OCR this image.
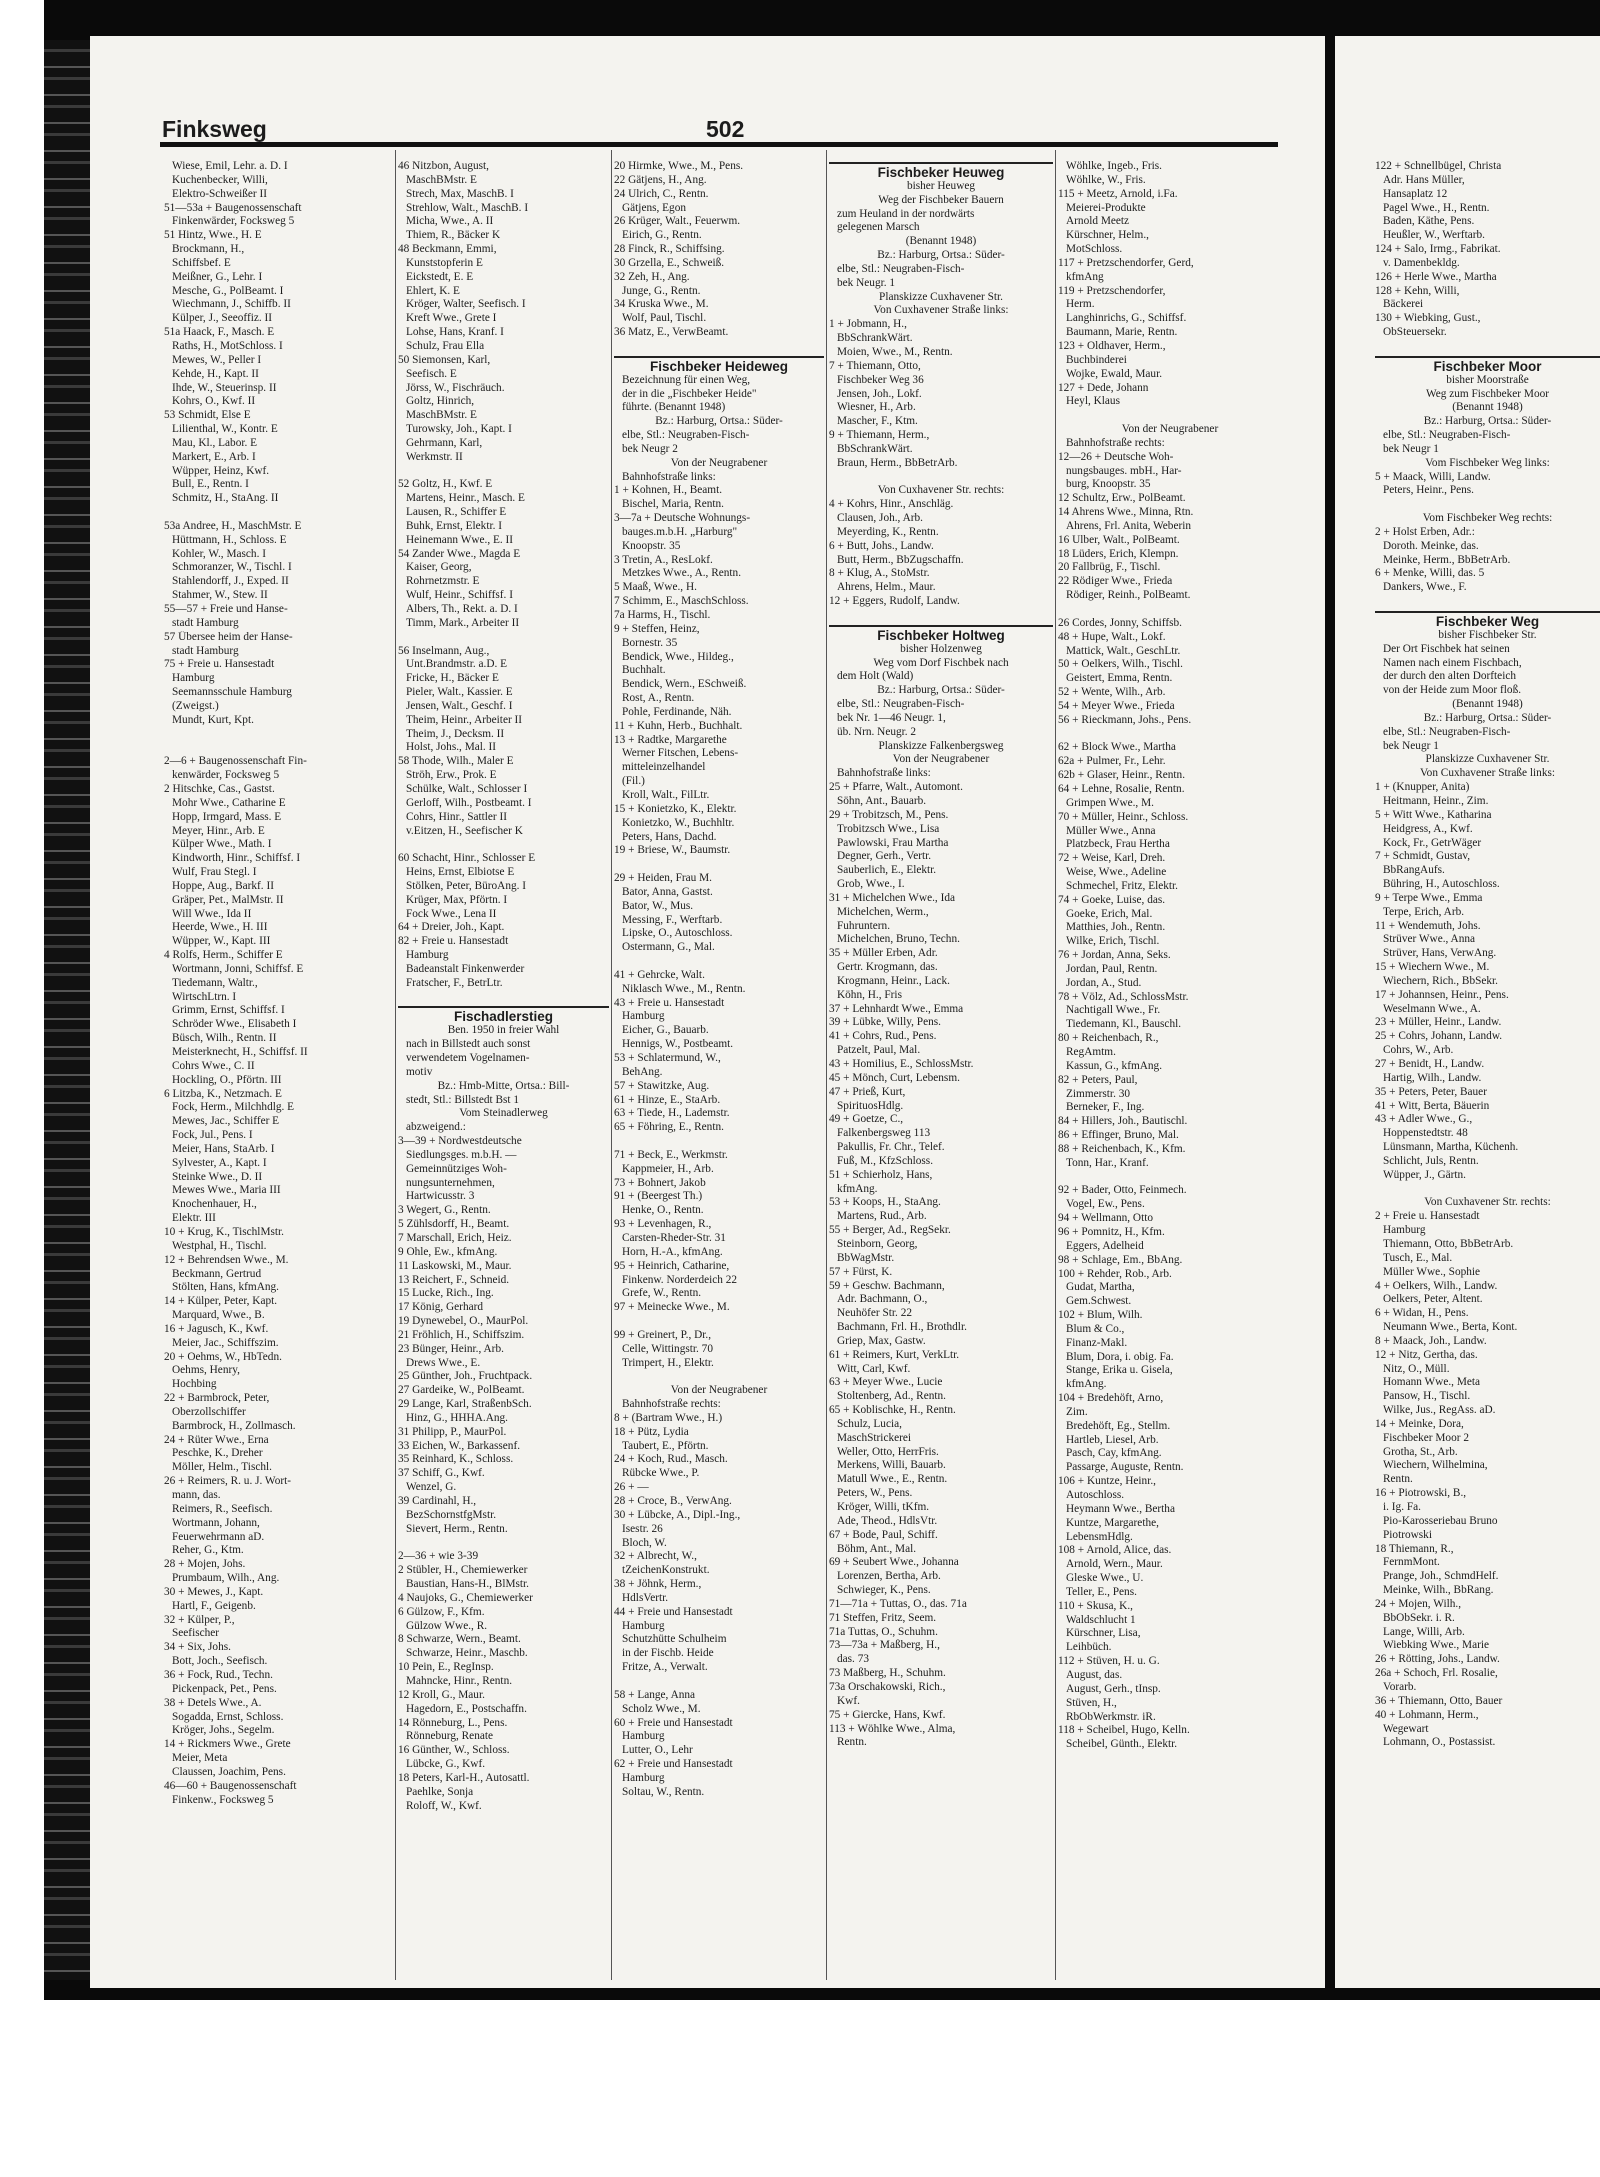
Finksweg	502
Wiese, Emil, Lehr. a. D. I
Kuchenbecker, Willi,
Elektro-Schweißer II
51—53a + Baugenossenschaft
Finkenwärder, Focksweg 5
51 Hintz, Wwe., H. E
Brockmann, H.,
Schiffsbef. E
Meißner, G., Lehr. I
Mesche, G., PolBeamt. I
Wiechmann, J., Schiffb. II
Külper, J., Seeoffiz. II
51a Haack, F., Masch. E
Raths, H., MotSchloss. I
Mewes, W., Peller I
Kehde, H., Kapt. II
Ihde, W., Steuerinsp. II
Kohrs, O., Kwf. II
53 Schmidt, Else E
Lilienthal, W., Kontr. E
Mau, Kl., Labor. E
Markert, E., Arb. I
Wüpper, Heinz, Kwf.
Bull, E., Rentn. I
Schmitz, H., StaAng. II

53a Andree, H., MaschMstr. E
Hüttmann, H., Schloss. E
Kohler, W., Masch. I
Schmoranzer, W., Tischl. I
Stahlendorff, J., Exped. II
Stahmer, W., Stew. II
55—57 + Freie und Hanse-
stadt Hamburg
57 Übersee heim der Hanse-
stadt Hamburg
75 + Freie u. Hansestadt
Hamburg
Seemannsschule Hamburg
(Zweigst.)
Mundt, Kurt, Kpt.

2—6 + Baugenossenschaft Fin-
kenwärder, Focksweg 5
2 Hitschke, Cas., Gastst.
Mohr Wwe., Catharine E
Hopp, Irmgard, Mass. E
Meyer, Hinr., Arb. E
Külper Wwe., Math. I
Kindworth, Hinr., Schiffsf. I
Wulf, Frau Stegl. I
Hoppe, Aug., Barkf. II
Gräper, Pet., MalMstr. II
Will Wwe., Ida II
Heerde, Wwe., H. III
Wüpper, W., Kapt. III
4 Rolfs, Herm., Schiffer E
Wortmann, Jonni, Schiffsf. E
Tiedemann, Waltr.,
WirtschLtrn. I
Grimm, Ernst, Schiffsf. I
Schröder Wwe., Elisabeth I
Büsch, Wilh., Rentn. II
Meisterknecht, H., Schiffsf. II
Cohrs Wwe., C. II
Hockling, O., Pförtn. III
6 Litzba, K., Netzmach. E
Fock, Herm., Milchhdlg. E
Mewes, Jac., Schiffer E
Fock, Jul., Pens. I
Meier, Hans, StaArb. I
Sylvester, A., Kapt. I
Steinke Wwe., D. II
Mewes Wwe., Maria III
Knochenhauer, H.,
Elektr. III
10 + Krug, K., TischlMstr.
Westphal, H., Tischl.
12 + Behrendsen Wwe., M.
Beckmann, Gertrud
Stölten, Hans, kfmAng.
14 + Külper, Peter, Kapt.
Marquard, Wwe., B.
16 + Jagusch, K., Kwf.
Meier, Jac., Schiffszim.
20 + Oehms, W., HbTedn.
Oehms, Henry,
Hochbing
22 + Barmbrock, Peter,
Oberzollschiffer
Barmbrock, H., Zollmasch.
24 + Rüter Wwe., Erna
Peschke, K., Dreher
Möller, Helm., Tischl.
26 + Reimers, R. u. J. Wort-
mann, das.
Reimers, R., Seefisch.
Wortmann, Johann,
Feuerwehrmann aD.
Reher, G., Ktm.
28 + Mojen, Johs.
Prumbaum, Wilh., Ang.
30 + Mewes, J., Kapt.
Hartl, F., Geigenb.
32 + Külper, P.,
Seefischer
34 + Six, Johs.
Bott, Joch., Seefisch.
36 + Fock, Rud., Techn.
Pickenpack, Pet., Pens.
38 + Detels Wwe., A.
Sogadda, Ernst, Schloss.
Kröger, Johs., Segelm.
14 + Rickmers Wwe., Grete
Meier, Meta
Claussen, Joachim, Pens.
46—60 + Baugenossenschaft
Finkenw., Focksweg 5
46 Nitzbon, August,
MaschBMstr. E
Strech, Max, MaschB. I
Strehlow, Walt., MaschB. I
Micha, Wwe., A. II
Thiem, R., Bäcker K
48 Beckmann, Emmi,
Kunststopferin E
Eickstedt, E. E
Ehlert, K. E
Kröger, Walter, Seefisch. I
Kreft Wwe., Grete I
Lohse, Hans, Kranf. I
Schulz, Frau Ella
50 Siemonsen, Karl,
Seefisch. E
Jörss, W., Fischräuch.
Goltz, Hinrich,
MaschBMstr. E
Turowsky, Joh., Kapt. I
Gehrmann, Karl,
Werkmstr. II

52 Goltz, H., Kwf. E
Martens, Heinr., Masch. E
Lausen, R., Schiffer E
Buhk, Ernst, Elektr. I
Heinemann Wwe., E. II
54 Zander Wwe., Magda E
Kaiser, Georg,
Rohrnetzmstr. E
Wulf, Heinr., Schiffsf. I
Albers, Th., Rekt. a. D. I
Timm, Mark., Arbeiter II

56 Inselmann, Aug.,
Unt.Brandmstr. a.D. E
Fricke, H., Bäcker E
Pieler, Walt., Kassier. E
Jensen, Walt., Geschf. I
Theim, Heinr., Arbeiter II
Theim, J., Decksm. II
Holst, Johs., Mal. II
58 Thode, Wilh., Maler E
Ströh, Erw., Prok. E
Schülke, Walt., Schlosser I
Gerloff, Wilh., Postbeamt. I
Cohrs, Hinr., Sattler II
v.Eitzen, H., Seefischer K

60 Schacht, Hinr., Schlosser E
Heins, Ernst, Elbiotse E
Stölken, Peter, BüroAng. I
Krüger, Max, Pförtn. I
Fock Wwe., Lena II
64 + Dreier, Joh., Kapt.
82 + Freie u. Hansestadt
Hamburg
Badeanstalt Finkenwerder
Fratscher, F., BetrLtr.

Fischadlerstieg
Ben. 1950 in freier Wahl
nach in Billstedt auch sonst
verwendetem Vogelnamen-
motiv
Bz.: Hmb-Mitte, Ortsa.: Bill-
stedt, Stl.: Billstedt Bst 1
Vom Steinadlerweg
abzweigend.:
3—39 + Nordwestdeutsche
Siedlungsges. m.b.H. —
Gemeinnütziges Woh-
nungsunternehmen,
Hartwicusstr. 3
3 Wegert, G., Rentn.
5 Zühlsdorff, H., Beamt.
7 Marschall, Erich, Heiz.
9 Ohle, Ew., kfmAng.
11 Laskowski, M., Maur.
13 Reichert, F., Schneid.
15 Lucke, Rich., Ing.
17 König, Gerhard
19 Dynewebel, O., MaurPol.
21 Fröhlich, H., Schiffszim.
23 Bünger, Heinr., Arb.
Drews Wwe., E.
25 Günther, Joh., Fruchtpack.
27 Gardeike, W., PolBeamt.
29 Lange, Karl, StraßenbSch.
Hinz, G., HHHA.Ang.
31 Philipp, P., MaurPol.
33 Eichen, W., Barkassenf.
35 Reinhard, K., Schloss.
37 Schiff, G., Kwf.
Wenzel, G.
39 Cardinahl, H.,
BezSchornstfgMstr.
Sievert, Herm., Rentn.

2—36 + wie 3-39
2 Stübler, H., Chemiewerker
Baustian, Hans-H., BlMstr.
4 Naujoks, G., Chemiewerker
6 Gülzow, F., Kfm.
Gülzow Wwe., R.
8 Schwarze, Wern., Beamt.
Schwarze, Heinr., Maschb.
10 Pein, E., RegInsp.
Mahncke, Hinr., Rentn.
12 Kroll, G., Maur.
Hagedorn, E., Postschaffn.
14 Rönneburg, L., Pens.
Rönneburg, Renate
16 Günther, W., Schloss.
Lübcke, G., Kwf.
18 Peters, Karl-H., Autosattl.
Paehlke, Sonja
Roloff, W., Kwf.
20 Hirmke, Wwe., M., Pens.
22 Gätjens, H., Ang.
24 Ulrich, C., Rentn.
Gätjens, Egon
26 Krüger, Walt., Feuerwm.
Eirich, G., Rentn.
28 Finck, R., Schiffsing.
30 Grzella, E., Schweiß.
32 Zeh, H., Ang.
Junge, G., Rentn.
34 Kruska Wwe., M.
Wolf, Paul, Tischl.
36 Matz, E., VerwBeamt.

Fischbeker Heideweg
Bezeichnung für einen Weg,
der in die „Fischbeker Heide"
führte. (Benannt 1948)
Bz.: Harburg, Ortsa.: Süder-
elbe, Stl.: Neugraben-Fisch-
bek Neugr 2
Von der Neugrabener
Bahnhofstraße links:
1 + Kohnen, H., Beamt.
Bischel, Maria, Rentn.
3—7a + Deutsche Wohnungs-
bauges.m.b.H. „Harburg"
Knoopstr. 35
3 Tretin, A., ResLokf.
Metzkes Wwe., A., Rentn.
5 Maaß, Wwe., H.
7 Schimm, E., MaschSchloss.
7a Harms, H., Tischl.
9 + Steffen, Heinz,
Bornestr. 35
Bendick, Wwe., Hildeg.,
Buchhalt.
Bendick, Wern., ESchweiß.
Rost, A., Rentn.
Pohle, Ferdinande, Näh.
11 + Kuhn, Herb., Buchhalt.
13 + Radtke, Margarethe
Werner Fitschen, Lebens-
mitteleinzelhandel
(Fil.)
Kroll, Walt., FilLtr.
15 + Konietzko, K., Elektr.
Konietzko, W., Buchhltr.
Peters, Hans, Dachd.
19 + Briese, W., Baumstr.

29 + Heiden, Frau M.
Bator, Anna, Gastst.
Bator, W., Mus.
Messing, F., Werftarb.
Lipske, O., Autoschloss.
Ostermann, G., Mal.

41 + Gehrcke, Walt.
Niklasch Wwe., M., Rentn.
43 + Freie u. Hansestadt
Hamburg
Eicher, G., Bauarb.
Hennigs, W., Postbeamt.
53 + Schlatermund, W.,
BehAng.
57 + Stawitzke, Aug.
61 + Hinze, E., StaArb.
63 + Tiede, H., Lademstr.
65 + Föhring, E., Rentn.

71 + Beck, E., Werkmstr.
Kappmeier, H., Arb.
73 + Bohnert, Jakob
91 + (Beergest Th.)
Henke, O., Rentn.
93 + Levenhagen, R.,
Carsten-Rheder-Str. 31
Horn, H.-A., kfmAng.
95 + Heinrich, Catharine,
Finkenw. Norderdeich 22
Grefe, W., Rentn.
97 + Meinecke Wwe., M.

99 + Greinert, P., Dr.,
Celle, Wittingstr. 70
Trimpert, H., Elektr.

Von der Neugrabener
Bahnhofstraße rechts:
8 + (Bartram Wwe., H.)
18 + Pütz, Lydia
Taubert, E., Pförtn.
24 + Koch, Rud., Masch.
Rübcke Wwe., P.
26 + —
28 + Croce, B., VerwAng.
30 + Lübcke, A., Dipl.-Ing.,
Isestr. 26
Bloch, W.
32 + Albrecht, W.,
tZeichenKonstrukt.
38 + Jöhnk, Herm.,
HdlsVertr.
44 + Freie und Hansestadt
Hamburg
Schutzhütte Schulheim
in der Fischb. Heide
Fritze, A., Verwalt.

58 + Lange, Anna
Scholz Wwe., M.
60 + Freie und Hansestadt
Hamburg
Lutter, O., Lehr
62 + Freie und Hansestadt
Hamburg
Soltau, W., Rentn.
Fischbeker Heuweg
bisher Heuweg
Weg der Fischbeker Bauern
zum Heuland in der nordwärts
gelegenen Marsch
(Benannt 1948)
Bz.: Harburg, Ortsa.: Süder-
elbe, Stl.: Neugraben-Fisch-
bek Neugr. 1
Planskizze Cuxhavener Str.
Von Cuxhavener Straße links:
1 + Jobmann, H.,
BbSchrankWärt.
Moien, Wwe., M., Rentn.
7 + Thiemann, Otto,
Fischbeker Weg 36
Jensen, Joh., Lokf.
Wiesner, H., Arb.
Mascher, F., Ktm.
9 + Thiemann, Herm.,
BbSchrankWärt.
Braun, Herm., BbBetrArb.

Von Cuxhavener Str. rechts:
4 + Kohrs, Hinr., Anschläg.
Clausen, Joh., Arb.
Meyerding, K., Rentn.
6 + Butt, Johs., Landw.
Butt, Herm., BbZugschaffn.
8 + Klug, A., StoMstr.
Ahrens, Helm., Maur.
12 + Eggers, Rudolf, Landw.

Fischbeker Holtweg
bisher Holzenweg
Weg vom Dorf Fischbek nach
dem Holt (Wald)
Bz.: Harburg, Ortsa.: Süder-
elbe, Stl.: Neugraben-Fisch-
bek Nr. 1—46 Neugr. 1,
üb. Nrn. Neugr. 2
Planskizze Falkenbergsweg
Von der Neugrabener
Bahnhofstraße links:
25 + Pfarre, Walt., Automont.
Söhn, Ant., Bauarb.
29 + Trobitzsch, M., Pens.
Trobitzsch Wwe., Lisa
Pawlowski, Frau Martha
Degner, Gerh., Vertr.
Sauberlich, E., Elektr.
Grob, Wwe., I.
31 + Michelchen Wwe., Ida
Michelchen, Werm.,
Fuhruntern.
Michelchen, Bruno, Techn.
35 + Müller Erben, Adr.
Gertr. Krogmann, das.
Krogmann, Heinr., Lack.
Köhn, H., Fris
37 + Lehnhardt Wwe., Emma
39 + Lübke, Willy, Pens.
41 + Cohrs, Rud., Pens.
Patzelt, Paul, Mal.
43 + Homilius, E., SchlossMstr.
45 + Mönch, Curt, Lebensm.
47 + Prieß, Kurt,
SpirituosHdlg.
49 + Goetze, C.,
Falkenbergsweg 113
Pakullis, Fr. Chr., Telef.
Fuß, M., KfzSchloss.
51 + Schierholz, Hans,
kfmAng.
53 + Koops, H., StaAng.
Martens, Rud., Arb.
55 + Berger, Ad., RegSekr.
Steinborn, Georg,
BbWagMstr.
57 + Fürst, K.
59 + Geschw. Bachmann,
Adr. Bachmann, O.,
Neuhöfer Str. 22
Bachmann, Frl. H., Brothdlr.
Griep, Max, Gastw.
61 + Reimers, Kurt, VerkLtr.
Witt, Carl, Kwf.
63 + Meyer Wwe., Lucie
Stoltenberg, Ad., Rentn.
65 + Koblischke, H., Rentn.
Schulz, Lucia,
MaschStrickerei
Weller, Otto, HerrFris.
Merkens, Willi, Bauarb.
Matull Wwe., E., Rentn.
Peters, W., Pens.
Kröger, Willi, tKfm.
Ade, Theod., HdlsVtr.
67 + Bode, Paul, Schiff.
Böhm, Ant., Mal.
69 + Seubert Wwe., Johanna
Lorenzen, Bertha, Arb.
Schwieger, K., Pens.
71—71a + Tuttas, O., das. 71a
71 Steffen, Fritz, Seem.
71a Tuttas, O., Schuhm.
73—73a + Maßberg, H.,
das. 73
73 Maßberg, H., Schuhm.
73a Orschakowski, Rich.,
Kwf.
75 + Giercke, Hans, Kwf.
113 + Wöhlke Wwe., Alma,
Rentn.
Wöhlke, Ingeb., Fris.
Wöhlke, W., Fris.
115 + Meetz, Arnold, i.Fa.
Meierei-Produkte
Arnold Meetz
Kürschner, Helm.,
MotSchloss.
117 + Pretzschendorfer, Gerd,
kfmAng
119 + Pretzschendorfer,
Herm.
Langhinrichs, G., Schiffsf.
Baumann, Marie, Rentn.
123 + Oldhaver, Herm.,
Buchbinderei
Wojke, Ewald, Maur.
127 + Dede, Johann
Heyl, Klaus

Von der Neugrabener
Bahnhofstraße rechts:
12—26 + Deutsche Woh-
nungsbauges. mbH., Har-
burg, Knoopstr. 35
12 Schultz, Erw., PolBeamt.
14 Ahrens Wwe., Minna, Rtn.
Ahrens, Frl. Anita, Weberin
16 Ulber, Walt., PolBeamt.
18 Lüders, Erich, Klempn.
20 Fallbrüg, F., Tischl.
22 Rödiger Wwe., Frieda
Rödiger, Reinh., PolBeamt.

26 Cordes, Jonny, Schiffsb.
48 + Hupe, Walt., Lokf.
Mattick, Walt., GeschLtr.
50 + Oelkers, Wilh., Tischl.
Geistert, Emma, Rentn.
52 + Wente, Wilh., Arb.
54 + Meyer Wwe., Frieda
56 + Rieckmann, Johs., Pens.

62 + Block Wwe., Martha
62a + Pulmer, Fr., Lehr.
62b + Glaser, Heinr., Rentn.
64 + Lehne, Rosalie, Rentn.
Grimpen Wwe., M.
70 + Müller, Heinr., Schloss.
Müller Wwe., Anna
Platzbeck, Frau Hertha
72 + Weise, Karl, Dreh.
Weise, Wwe., Adeline
Schmechel, Fritz, Elektr.
74 + Goeke, Luise, das.
Goeke, Erich, Mal.
Matthies, Joh., Rentn.
Wilke, Erich, Tischl.
76 + Jordan, Anna, Seks.
Jordan, Paul, Rentn.
Jordan, A., Stud.
78 + Völz, Ad., SchlossMstr.
Nachtigall Wwe., Fr.
Tiedemann, Kl., Bauschl.
80 + Reichenbach, R.,
RegAmtm.
Kassun, G., kfmAng.
82 + Peters, Paul,
Zimmerstr. 30
Berneker, F., Ing.
84 + Hillers, Joh., Bautischl.
86 + Effinger, Bruno, Mal.
88 + Reichenbach, K., Kfm.
Tonn, Har., Kranf.

92 + Bader, Otto, Feinmech.
Vogel, Ew., Pens.
94 + Wellmann, Otto
96 + Pomnitz, H., Kfm.
Eggers, Adelheid
98 + Schlage, Em., BbAng.
100 + Rehder, Rob., Arb.
Gudat, Martha,
Gem.Schwest.
102 + Blum, Wilh.
Blum & Co.,
Finanz-Makl.
Blum, Dora, i. obig. Fa.
Stange, Erika u. Gisela,
kfmAng.
104 + Bredehöft, Arno,
Zim.
Bredehöft, Eg., Stellm.
Hartleb, Liesel, Arb.
Pasch, Cay, kfmAng.
Passarge, Auguste, Rentn.
106 + Kuntze, Heinr.,
Autoschloss.
Heymann Wwe., Bertha
Kuntze, Margarethe,
LebensmHdlg.
108 + Arnold, Alice, das.
Arnold, Wern., Maur.
Gleske Wwe., U.
Teller, E., Pens.
110 + Skusa, K.,
Waldschlucht 1
Kürschner, Lisa,
Leihbüch.
112 + Stüven, H. u. G.
August, das.
August, Gerh., tInsp.
Stüven, H.,
RbObWerkmstr. iR.
118 + Scheibel, Hugo, Kelln.
Scheibel, Günth., Elektr.
122 + Schnellbügel, Christa
Adr. Hans Müller,
Hansaplatz 12
Pagel Wwe., H., Rentn.
Baden, Käthe, Pens.
Heußler, W., Werftarb.
124 + Salo, Irmg., Fabrikat.
v. Damenbekldg.
126 + Herle Wwe., Martha
128 + Kehn, Willi,
Bäckerei
130 + Wiebking, Gust.,
ObSteuersekr.

Fischbeker Moor
bisher Moorstraße
Weg zum Fischbeker Moor
(Benannt 1948)
Bz.: Harburg, Ortsa.: Süder-
elbe, Stl.: Neugraben-Fisch-
bek Neugr 1
Vom Fischbeker Weg links:
5 + Maack, Willi, Landw.
Peters, Heinr., Pens.

Vom Fischbeker Weg rechts:
2 + Holst Erben, Adr.:
Doroth. Meinke, das.
Meinke, Herm., BbBetrArb.
6 + Menke, Willi, das. 5
Dankers, Wwe., F.

Fischbeker Weg
bisher Fischbeker Str.
Der Ort Fischbek hat seinen
Namen nach einem Fischbach,
der durch den alten Dorfteich
von der Heide zum Moor floß.
(Benannt 1948)
Bz.: Harburg, Ortsa.: Süder-
elbe, Stl.: Neugraben-Fisch-
bek Neugr 1
Planskizze Cuxhavener Str.
Von Cuxhavener Straße links:
1 + (Knupper, Anita)
Heitmann, Heinr., Zim.
5 + Witt Wwe., Katharina
Heidgress, A., Kwf.
Kock, Fr., GetrWäger
7 + Schmidt, Gustav,
BbRangAufs.
Bühring, H., Autoschloss.
9 + Terpe Wwe., Emma
Terpe, Erich, Arb.
11 + Wendemuth, Johs.
Strüver Wwe., Anna
Strüver, Hans, VerwAng.
15 + Wiechern Wwe., M.
Wiechern, Rich., BbSekr.
17 + Johannsen, Heinr., Pens.
Weselmann Wwe., A.
23 + Müller, Heinr., Landw.
25 + Cohrs, Johann, Landw.
Cohrs, W., Arb.
27 + Benidt, H., Landw.
Hartig, Wilh., Landw.
35 + Peters, Peter, Bauer
41 + Witt, Berta, Bäuerin
43 + Adler Wwe., G.,
Hoppenstedtstr. 48
Lünsmann, Martha, Küchenh.
Schlicht, Juls, Rentn.
Wüpper, J., Gärtn.

Von Cuxhavener Str. rechts:
2 + Freie u. Hansestadt
Hamburg
Thiemann, Otto, BbBetrArb.
Tusch, E., Mal.
Müller Wwe., Sophie
4 + Oelkers, Wilh., Landw.
Oelkers, Peter, Altent.
6 + Widan, H., Pens.
Neumann Wwe., Berta, Kont.
8 + Maack, Joh., Landw.
12 + Nitz, Gertha, das.
Nitz, O., Müll.
Homann Wwe., Meta
Pansow, H., Tischl.
Wilke, Jus., RegAss. aD.
14 + Meinke, Dora,
Fischbeker Moor 2
Grotha, St., Arb.
Wiechern, Wilhelmina,
Rentn.
16 + Piotrowski, B.,
i. Ig. Fa.
Pio-Karosseriebau Bruno
Piotrowski
18 Thiemann, R.,
FernmMont.
Prange, Joh., SchmdHelf.
Meinke, Wilh., BbRang.
24 + Mojen, Wilh.,
BbObSekr. i. R.
Lange, Willi, Arb.
Wiebking Wwe., Marie
26 + Rötting, Johs., Landw.
26a + Schoch, Frl. Rosalie,
Vorarb.
36 + Thiemann, Otto, Bauer
40 + Lohmann, Herm.,
Wegewart
Lohmann, O., Postassist.
